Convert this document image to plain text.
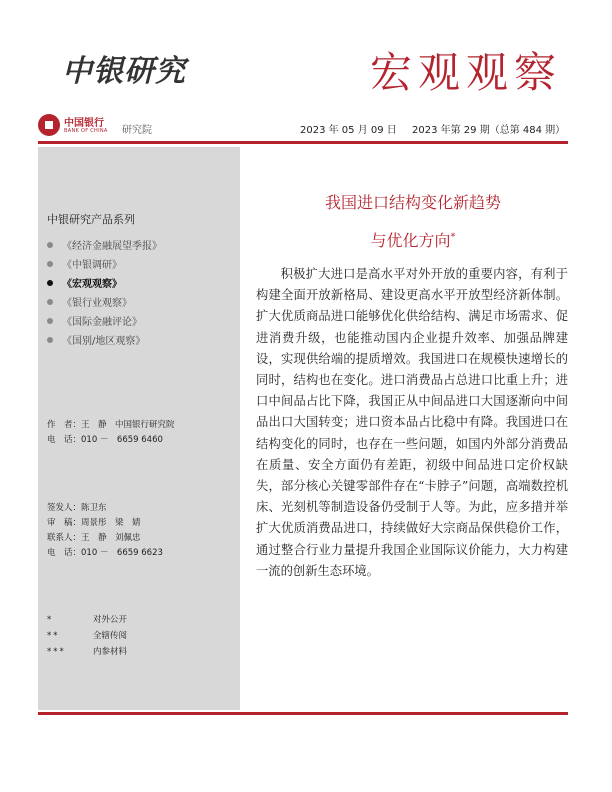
中银研究	宏观观察
中国银行
BANK OF CHINA 研究院	2023 年 05 月 09 日 2023 年第 29 期（总第 484 期）
中银研究产品系列
《经济金融展望季报》
《中银调研》
《宏观观察》
《银行业观察》
《国际金融评论》
《国别/地区观察》
作　者：王　静　中国银行研究院
电　话：010 －　6659 6460
签发人：陈卫东
审　稿：周景彤　梁　婧
联系人：王　静　刘佩忠
电　话：010 －　6659 6623
*	对外公开
**	全辖传阅
***	内参材料
我国进口结构变化新趋势
与优化方向*

积极扩大进口是高水平对外开放的重要内容，有利于构建全面开放新格局、建设更高水平开放型经济新体制。扩大优质商品进口能够优化供给结构、满足市场需求、促进消费升级，也能推动国内企业提升效率、加强品牌建设，实现供给端的提质增效。我国进口在规模快速增长的同时，结构也在变化。进口消费品占总进口比重上升；进口中间品占比下降，我国正从中间品进口大国逐渐向中间品出口大国转变；进口资本品占比稳中有降。我国进口在结构变化的同时，也存在一些问题，如国内外部分消费品在质量、安全方面仍有差距，初级中间品进口定价权缺失，部分核心关键零部件存在“卡脖子”问题，高端数控机床、光刻机等制造设备仍受制于人等。为此，应多措并举扩大优质消费品进口，持续做好大宗商品保供稳价工作，通过整合行业力量提升我国企业国际议价能力，大力构建一流的创新生态环境。
